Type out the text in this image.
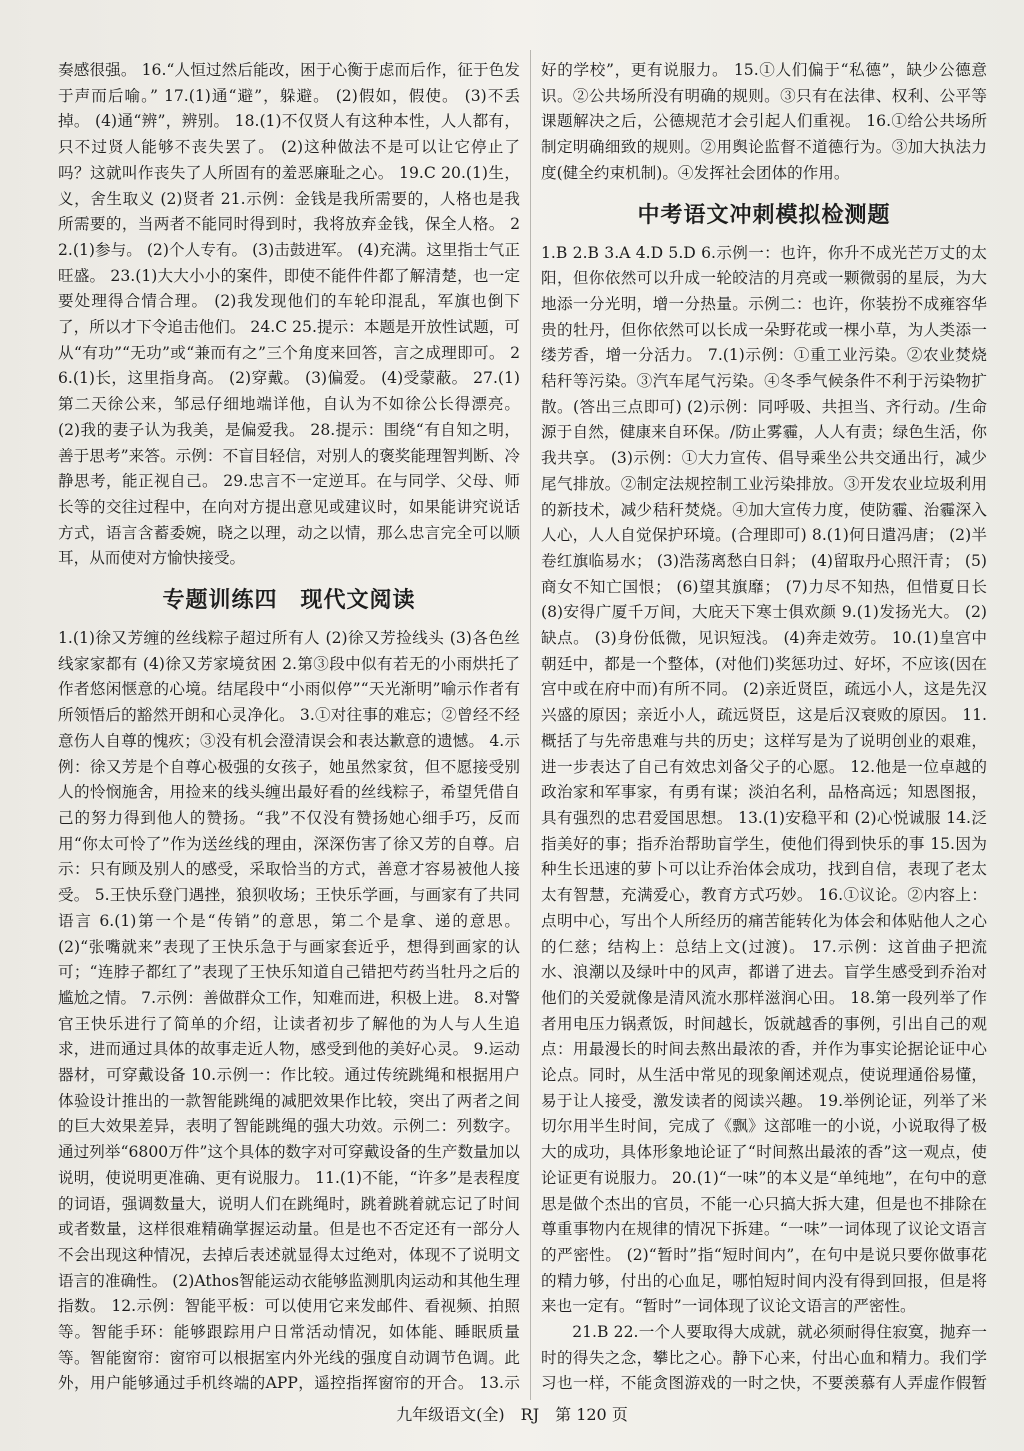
奏感很强。 16.“人恒过然后能改，困于心衡于虑而后作，征于色发于声而后喻。” 17.(1)通“避”，躲避。 (2)假如，假使。 (3)不丢掉。 (4)通“辨”，辨别。 18.(1)不仅贤人有这种本性，人人都有，只不过贤人能够不丧失罢了。 (2)这种做法不是可以让它停止了吗？这就叫作丧失了人所固有的羞恶廉耻之心。 19.C 20.(1)生，义，舍生取义 (2)贤者 21.示例：金钱是我所需要的，人格也是我所需要的，当两者不能同时得到时，我将放弃金钱，保全人格。 22.(1)参与。 (2)个人专有。 (3)击鼓进军。 (4)充满。这里指士气正旺盛。 23.(1)大大小小的案件，即使不能件件都了解清楚，也一定要处理得合情合理。 (2)我发现他们的车轮印混乱，军旗也倒下了，所以才下令追击他们。 24.C 25.提示：本题是开放性试题，可从“有功”“无功”或“兼而有之”三个角度来回答，言之成理即可。 26.(1)长，这里指身高。 (2)穿戴。 (3)偏爱。 (4)受蒙蔽。 27.(1)第二天徐公来，邹忌仔细地端详他，自认为不如徐公长得漂亮。 (2)我的妻子认为我美，是偏爱我。 28.提示：围绕“有自知之明，善于思考”来答。示例：不盲目轻信，对别人的褒奖能理智判断、冷静思考，能正视自己。 29.忠言不一定逆耳。在与同学、父母、师长等的交往过程中，在向对方提出意见或建议时，如果能讲究说话方式，语言含蓄委婉，晓之以理，动之以情，那么忠言完全可以顺耳，从而使对方愉快接受。

专题训练四　现代文阅读

1.(1)徐又芳缠的丝线粽子超过所有人 (2)徐又芳捡线头 (3)各色丝线家家都有 (4)徐又芳家境贫困 2.第③段中似有若无的小雨烘托了作者悠闲惬意的心境。结尾段中“小雨似停”“天光渐明”喻示作者有所领悟后的豁然开朗和心灵净化。 3.①对往事的难忘；②曾经不经意伤人自尊的愧疚；③没有机会澄清误会和表达歉意的遗憾。 4.示例：徐又芳是个自尊心极强的女孩子，她虽然家贫，但不愿接受别人的怜悯施舍，用捡来的线头缠出最好看的丝线粽子，希望凭借自己的努力得到他人的赞扬。“我”不仅没有赞扬她心细手巧，反而用“你太可怜了”作为送丝线的理由，深深伤害了徐又芳的自尊。启示：只有顾及别人的感受，采取恰当的方式，善意才容易被他人接受。 5.王快乐登门遇挫，狼狈收场；王快乐学画，与画家有了共同语言 6.(1)第一个是“传销”的意思，第二个是拿、递的意思。 (2)“张嘴就来”表现了王快乐急于与画家套近乎，想得到画家的认可；“连脖子都红了”表现了王快乐知道自己错把芍药当牡丹之后的尴尬之情。 7.示例：善做群众工作，知难而进，积极上进。 8.对警官王快乐进行了简单的介绍，让读者初步了解他的为人与人生追求，进而通过具体的故事走近人物，感受到他的美好心灵。 9.运动器材，可穿戴设备 10.示例一：作比较。通过传统跳绳和根据用户体验设计推出的一款智能跳绳的减肥效果作比较，突出了两者之间的巨大效果差异，表明了智能跳绳的强大功效。示例二：列数字。通过列举“6800万件”这个具体的数字对可穿戴设备的生产数量加以说明，使说明更准确、更有说服力。 11.(1)不能，“许多”是表程度的词语，强调数量大，说明人们在跳绳时，跳着跳着就忘记了时间或者数量，这样很难精确掌握运动量。但是也不否定还有一部分人不会出现这种情况，去掉后表述就显得太过绝对，体现不了说明文语言的准确性。 (2)Athos智能运动衣能够监测肌肉运动和其他生理指数。 12.示例：智能平板：可以使用它来发邮件、看视频、拍照等。智能手环：能够跟踪用户日常活动情况，如体能、睡眠质量等。智能窗帘：窗帘可以根据室内外光线的强度自动调节色调。此外，用户能够通过手机终端的APP，遥控指挥窗帘的开合。 13.示

好的学校”，更有说服力。 15.①人们偏于“私德”，缺少公德意识。②公共场所没有明确的规则。③只有在法律、权利、公平等课题解决之后，公德规范才会引起人们重视。 16.①给公共场所制定明确细致的规则。②用舆论监督不道德行为。③加大执法力度(健全约束机制)。④发挥社会团体的作用。

中考语文冲刺模拟检测题

1.B 2.B 3.A 4.D 5.D 6.示例一：也许，你升不成光芒万丈的太阳，但你依然可以升成一轮皎洁的月亮或一颗微弱的星辰，为大地添一分光明，增一分热量。示例二：也许，你装扮不成雍容华贵的牡丹，但你依然可以长成一朵野花或一棵小草，为人类添一缕芳香，增一分活力。 7.(1)示例：①重工业污染。②农业焚烧秸秆等污染。③汽车尾气污染。④冬季气候条件不利于污染物扩散。(答出三点即可) (2)示例：同呼吸、共担当、齐行动。/生命源于自然，健康来自环保。/防止雾霾，人人有责；绿色生活，你我共享。 (3)示例：①大力宣传、倡导乘坐公共交通出行，减少尾气排放。②制定法规控制工业污染排放。③开发农业垃圾利用的新技术，减少秸秆焚烧。④加大宣传力度，使防霾、治霾深入人心，人人自觉保护环境。(合理即可) 8.(1)何日遣冯唐； (2)半卷红旗临易水； (3)浩荡离愁白日斜； (4)留取丹心照汗青； (5)商女不知亡国恨； (6)望其旗靡； (7)力尽不知热，但惜夏日长 (8)安得广厦千万间，大庇天下寒士俱欢颜 9.(1)发扬光大。 (2)缺点。 (3)身份低微，见识短浅。 (4)奔走效劳。 10.(1)皇宫中朝廷中，都是一个整体，(对他们)奖惩功过、好坏，不应该(因在宫中或在府中而)有所不同。 (2)亲近贤臣，疏远小人，这是先汉兴盛的原因；亲近小人，疏远贤臣，这是后汉衰败的原因。 11.概括了与先帝患难与共的历史；这样写是为了说明创业的艰难，进一步表达了自己有效忠刘备父子的心愿。 12.他是一位卓越的政治家和军事家，有勇有谋；淡泊名利，品格高远；知恩图报，具有强烈的忠君爱国思想。 13.(1)安稳平和 (2)心悦诚服 14.泛指美好的事；指乔治帮助盲学生，使他们得到快乐的事 15.因为种生长迅速的萝卜可以让乔治体会成功，找到自信，表现了老太太有智慧，充满爱心，教育方式巧妙。 16.①议论。②内容上：点明中心，写出个人所经历的痛苦能转化为体会和体贴他人之心的仁慈；结构上：总结上文(过渡)。 17.示例：这首曲子把流水、浪潮以及绿叶中的风声，都谱了进去。盲学生感受到乔治对他们的关爱就像是清风流水那样滋润心田。 18.第一段列举了作者用电压力锅煮饭，时间越长，饭就越香的事例，引出自己的观点：用最漫长的时间去熬出最浓的香，并作为事实论据论证中心论点。同时，从生活中常见的现象阐述观点，使说理通俗易懂，易于让人接受，激发读者的阅读兴趣。 19.举例论证，列举了米切尔用半生时间，完成了《飘》这部唯一的小说，小说取得了极大的成功，具体形象地论证了“时间熬出最浓的香”这一观点，使论证更有说服力。 20.(1)“一味”的本义是“单纯地”，在句中的意思是做个杰出的官员，不能一心只搞大拆大建，但是也不排除在尊重事物内在规律的情况下拆建。“一味”一词体现了议论文语言的严密性。 (2)“暂时”指“短时间内”，在句中是说只要你做事花的精力够，付出的心血足，哪怕短时间内没有得到回报，但是将来也一定有。“暂时”一词体现了议论文语言的严密性。

21.B 22.一个人要取得大成就，就必须耐得住寂寞，抛弃一时的得失之念，攀比之心。静下心来，付出心血和精力。我们学习也一样，不能贪图游戏的一时之快，不要羡慕有人弄虚作假暂

九年级语文(全)　RJ　第 120 页
